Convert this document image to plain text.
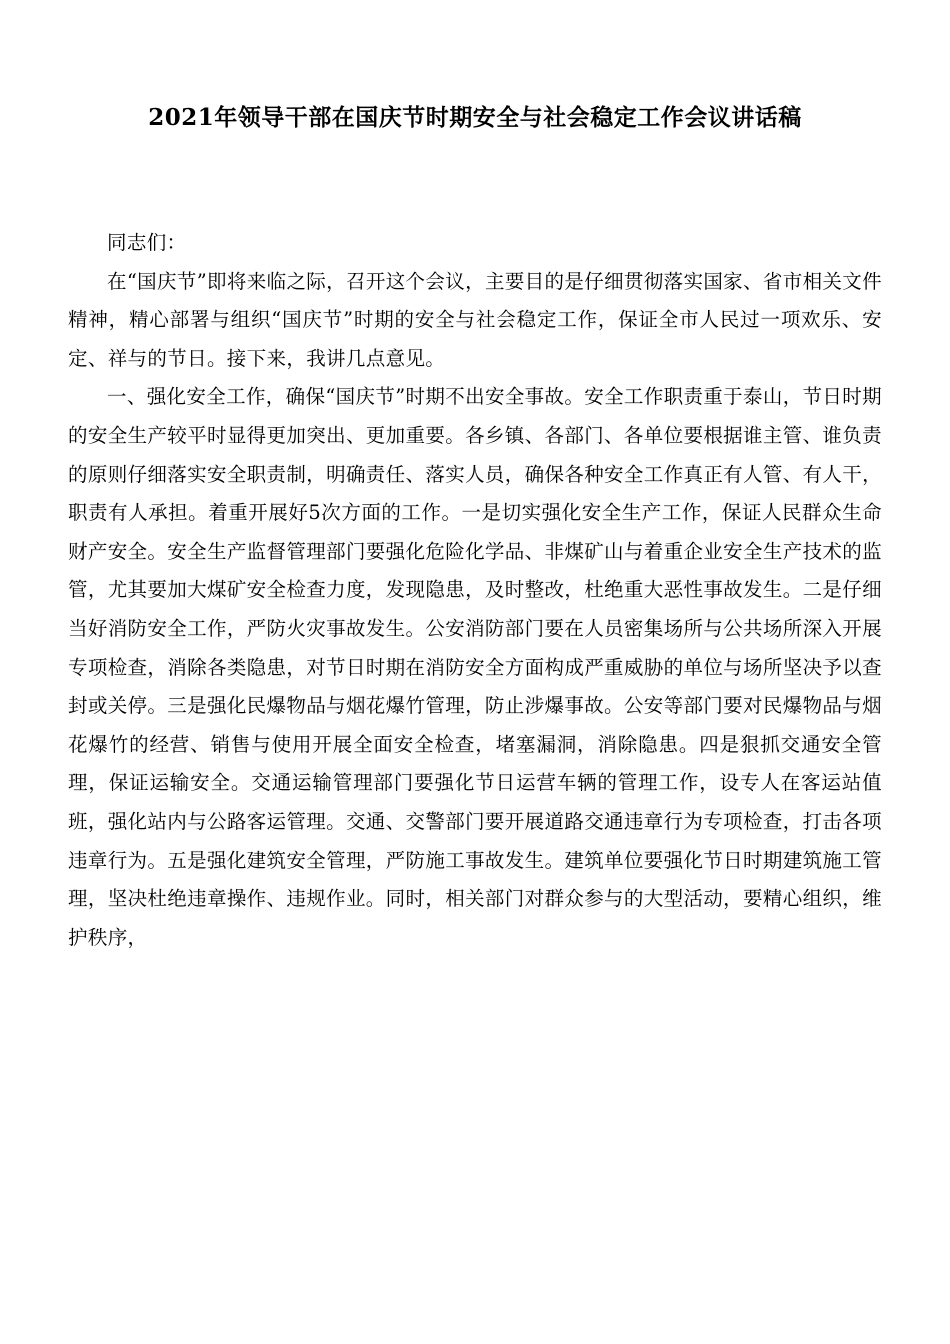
2021年领导干部在国庆节时期安全与社会稳定工作会议讲话稿

同志们：

在“国庆节”即将来临之际，召开这个会议，主要目的是仔细贯彻落实国家、省市相关文件精神，精心部署与组织“国庆节”时期的安全与社会稳定工作，保证全市人民过一项欢乐、安定、祥与的节日。接下来，我讲几点意见。

一、强化安全工作，确保“国庆节”时期不出安全事故。安全工作职责重于泰山，节日时期的安全生产较平时显得更加突出、更加重要。各乡镇、各部门、各单位要根据谁主管、谁负责的原则仔细落实安全职责制，明确责任、落实人员，确保各种安全工作真正有人管、有人干，职责有人承担。着重开展好5次方面的工作。一是切实强化安全生产工作，保证人民群众生命财产安全。安全生产监督管理部门要强化危险化学品、非煤矿山与着重企业安全生产技术的监管，尤其要加大煤矿安全检查力度，发现隐患，及时整改，杜绝重大恶性事故发生。二是仔细当好消防安全工作，严防火灾事故发生。公安消防部门要在人员密集场所与公共场所深入开展专项检查，消除各类隐患，对节日时期在消防安全方面构成严重威胁的单位与场所坚决予以查封或关停。三是强化民爆物品与烟花爆竹管理，防止涉爆事故。公安等部门要对民爆物品与烟花爆竹的经营、销售与使用开展全面安全检查，堵塞漏洞，消除隐患。四是狠抓交通安全管理，保证运输安全。交通运输管理部门要强化节日运营车辆的管理工作，设专人在客运站值班，强化站内与公路客运管理。交通、交警部门要开展道路交通违章行为专项检查，打击各项违章行为。五是强化建筑安全管理，严防施工事故发生。建筑单位要强化节日时期建筑施工管理，坚决杜绝违章操作、违规作业。同时，相关部门对群众参与的大型活动，要精心组织，维护秩序，
